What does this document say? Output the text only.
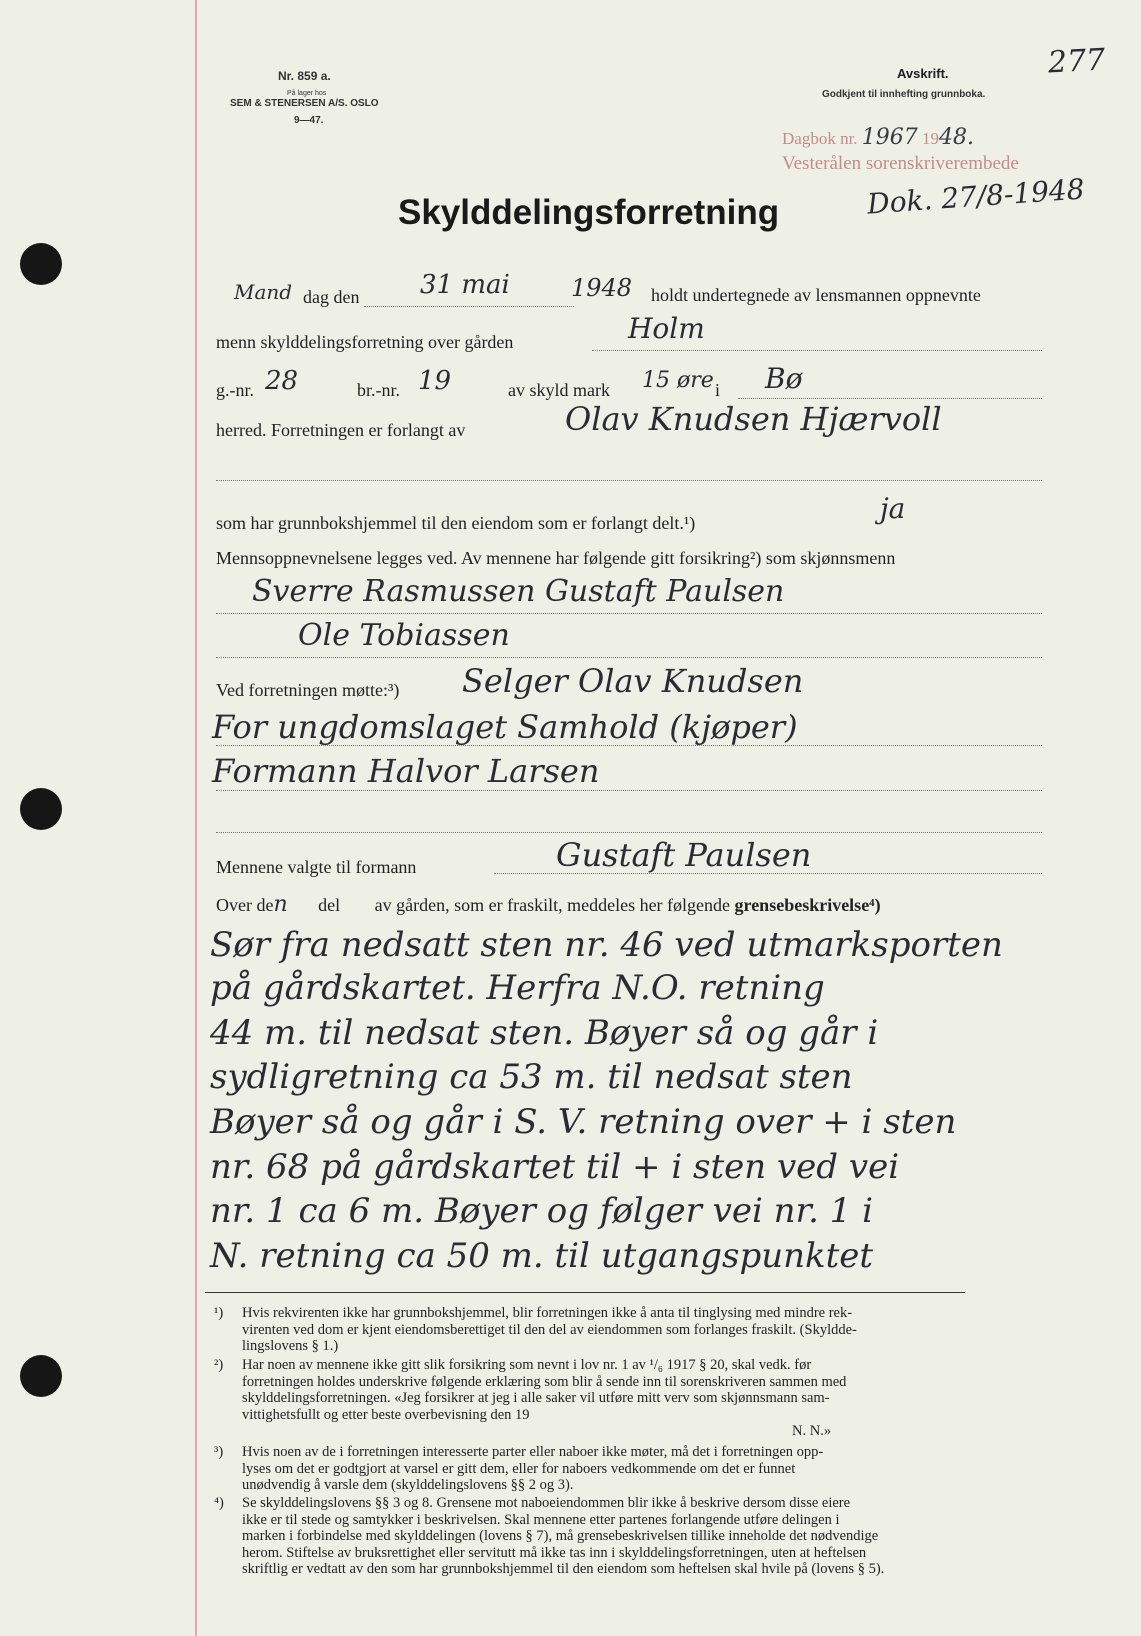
Nr. 859 a.
På lager hos
SEM & STENERSEN A/S. OSLO
9—47.
Avskrift.
Godkjent til innhefting grunnboka.
277
Dagbok nr. 1967 1948.
Vesterålen sorenskriverembede
Dok. 27/8-1948
Skylddelingsforretning
Mand dag den 31 mai	1948 holdt undertegnede av lensmannen oppnevnte
menn skylddelingsforretning over gården	Holm
g.-nr. 28	br.-nr. 19	av skyld mark 15 øre i Bø
herred. Forretningen er forlangt av	Olav Knudsen Hjærvoll
som har grunnbokshjemmel til den eiendom som er forlangt delt.¹)	ja
Mennsoppnevnelsene legges ved. Av mennene har følgende gitt forsikring²) som skjønnsmenn
Sverre Rasmussen Gustaft Paulsen
Ole Tobiassen
Ved forretningen møtte:³) Selger Olav Knudsen
For ungdomslaget Samhold (kjøper)
Formann Halvor Larsen
Mennene valgte til formann	Gustaft Paulsen
Over den del av gården, som er fraskilt, meddeles her følgende grensebeskrivelse⁴)
Sør fra nedsatt sten nr. 46 ved utmarksporten
på gårdskartet. Herfra N.O. retning
44 m. til nedsat sten. Bøyer så og går i
sydligretning ca 53 m. til nedsat sten
Bøyer så og går i S. V. retning over + i sten
nr. 68 på gårdskartet til + i sten ved vei
nr. 1 ca 6 m. Bøyer og følger vei nr. 1 i
N. retning ca 50 m. til utgangspunktet
¹) Hvis rekvirenten ikke har grunnbokshjemmel, blir forretningen ikke å anta til tinglysing med mindre rek-

virenten ved dom er kjent eiendomsberettiget til den del av eiendommen som forlanges fraskilt. (Skyldde-

lingslovens § 1.)

²) Har noen av mennene ikke gitt slik forsikring som nevnt i lov nr. 1 av ¹/₆ 1917 § 20, skal vedk. før

forretningen holdes underskrive følgende erklæring som blir å sende inn til sorenskriveren sammen med

skylddelingsforretningen. «Jeg forsikrer at jeg i alle saker vil utføre mitt verv som skjønnsmann sam-

vittighetsfullt og etter beste overbevisning den 19

N. N.»

³) Hvis noen av de i forretningen interesserte parter eller naboer ikke møter, må det i forretningen opp-

lyses om det er godtgjort at varsel er gitt dem, eller for naboers vedkommende om det er funnet

unødvendig å varsle dem (skylddelingslovens §§ 2 og 3).

⁴) Se skylddelingslovens §§ 3 og 8. Grensene mot naboeiendommen blir ikke å beskrive dersom disse eiere

ikke er til stede og samtykker i beskrivelsen. Skal mennene etter partenes forlangende utføre delingen i

marken i forbindelse med skylddelingen (lovens § 7), må grensebeskrivelsen tillike inneholde det nødvendige

herom. Stiftelse av bruksrettighet eller servitutt må ikke tas inn i skylddelingsforretningen, uten at heftelsen

skriftlig er vedtatt av den som har grunnbokshjemmel til den eiendom som heftelsen skal hvile på (lovens § 5).
